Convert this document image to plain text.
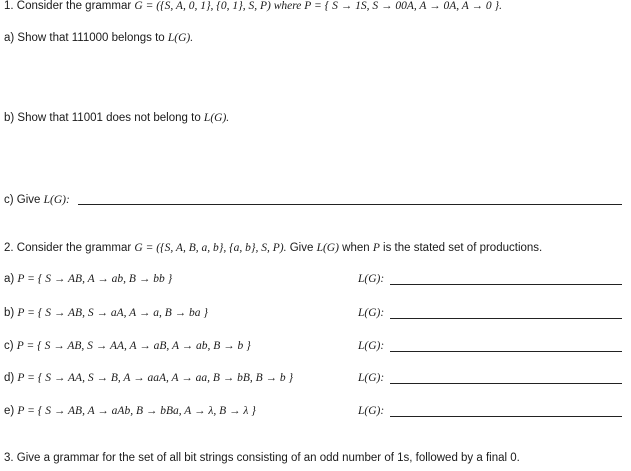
1. Consider the grammar G = ({S, A, 0, 1}, {0, 1}, S, P) where P = { S → 1S, S → 00A, A → 0A, A → 0 }.
a) Show that 111000 belongs to L(G).
b) Show that 11001 does not belong to L(G).
c) Give L(G):
2. Consider the grammar G = ({S, A, B, a, b}, {a, b}, S, P). Give L(G) when P is the stated set of productions.
a) P = { S → AB, A → ab, B → bb }	L(G):
b) P = { S → AB, S → aA, A → a, B → ba }	L(G):
c) P = { S → AB, S → AA, A → aB, A → ab, B → b }	L(G):
d) P = { S → AA, S → B, A → aaA, A → aa, B → bB, B → b }	L(G):
e) P = { S → AB, A → aAb, B → bBa, A → λ, B → λ }	L(G):
3. Give a grammar for the set of all bit strings consisting of an odd number of 1s, followed by a final 0.
